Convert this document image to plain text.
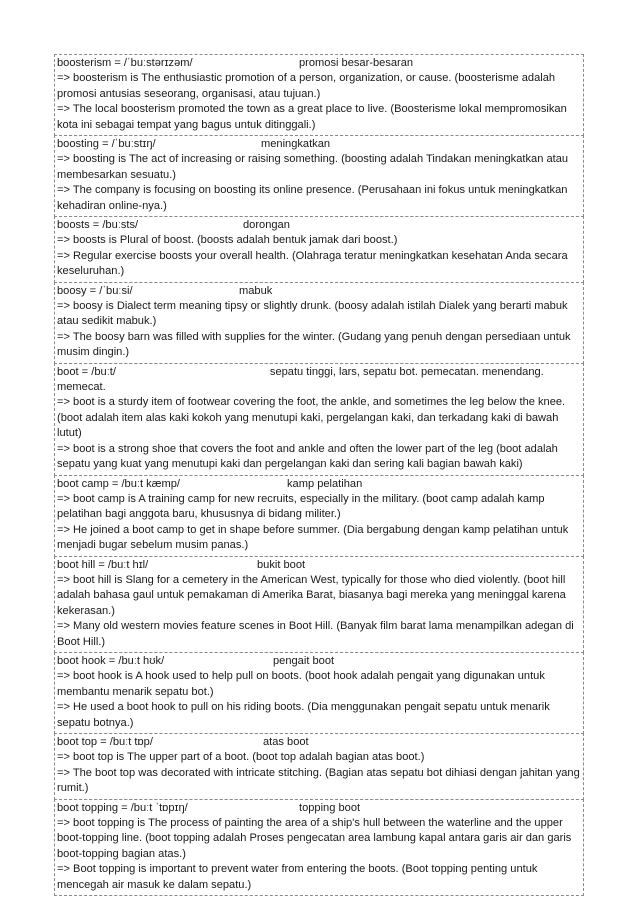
boosterism = /ˈbuːstərɪzəm/	promosi besar-besaran
=> boosterism is The enthusiastic promotion of a person, organization, or cause. (boosterisme adalah promosi antusias seseorang, organisasi, atau tujuan.)
=> The local boosterism promoted the town as a great place to live. (Boosterisme lokal mempromosikan kota ini sebagai tempat yang bagus untuk ditinggali.)
boosting = /ˈbuːstɪŋ/	meningkatkan
=> boosting is The act of increasing or raising something. (boosting adalah Tindakan meningkatkan atau membesarkan sesuatu.)
=> The company is focusing on boosting its online presence. (Perusahaan ini fokus untuk meningkatkan kehadiran online-nya.)
boosts = /buːsts/	dorongan
=> boosts is Plural of boost. (boosts adalah bentuk jamak dari boost.)
=> Regular exercise boosts your overall health. (Olahraga teratur meningkatkan kesehatan Anda secara keseluruhan.)
boosy = /ˈbuːsi/	mabuk
=> boosy is Dialect term meaning tipsy or slightly drunk. (boosy adalah istilah Dialek yang berarti mabuk atau sedikit mabuk.)
=> The boosy barn was filled with supplies for the winter. (Gudang yang penuh dengan persediaan untuk musim dingin.)
boot = /buːt/	sepatu tinggi, lars, sepatu bot. pemecatan. menendang. memecat.
=> boot is a sturdy item of footwear covering the foot, the ankle, and sometimes the leg below the knee. (boot adalah item alas kaki kokoh yang menutupi kaki, pergelangan kaki, dan terkadang kaki di bawah lutut)
=> boot is a strong shoe that covers the foot and ankle and often the lower part of the leg (boot adalah sepatu yang kuat yang menutupi kaki dan pergelangan kaki dan sering kali bagian bawah kaki)
boot camp = /buːt kæmp/	kamp pelatihan
=> boot camp is A training camp for new recruits, especially in the military. (boot camp adalah kamp pelatihan bagi anggota baru, khususnya di bidang militer.)
=> He joined a boot camp to get in shape before summer. (Dia bergabung dengan kamp pelatihan untuk menjadi bugar sebelum musim panas.)
boot hill = /buːt hɪl/	bukit boot
=> boot hill is Slang for a cemetery in the American West, typically for those who died violently. (boot hill adalah bahasa gaul untuk pemakaman di Amerika Barat, biasanya bagi mereka yang meninggal karena kekerasan.)
=> Many old western movies feature scenes in Boot Hill. (Banyak film barat lama menampilkan adegan di Boot Hill.)
boot hook = /buːt hʊk/	pengait boot
=> boot hook is A hook used to help pull on boots. (boot hook adalah pengait yang digunakan untuk membantu menarik sepatu bot.)
=> He used a boot hook to pull on his riding boots. (Dia menggunakan pengait sepatu untuk menarik sepatu botnya.)
boot top = /buːt tɒp/	atas boot
=> boot top is The upper part of a boot. (boot top adalah bagian atas boot.)
=> The boot top was decorated with intricate stitching. (Bagian atas sepatu bot dihiasi dengan jahitan yang rumit.)
boot topping = /buːt ˈtɒpɪŋ/	topping boot
=> boot topping is The process of painting the area of a ship's hull between the waterline and the upper boot-topping line. (boot topping adalah Proses pengecatan area lambung kapal antara garis air dan garis boot-topping bagian atas.)
=> Boot topping is important to prevent water from entering the boots. (Boot topping penting untuk mencegah air masuk ke dalam sepatu.)
